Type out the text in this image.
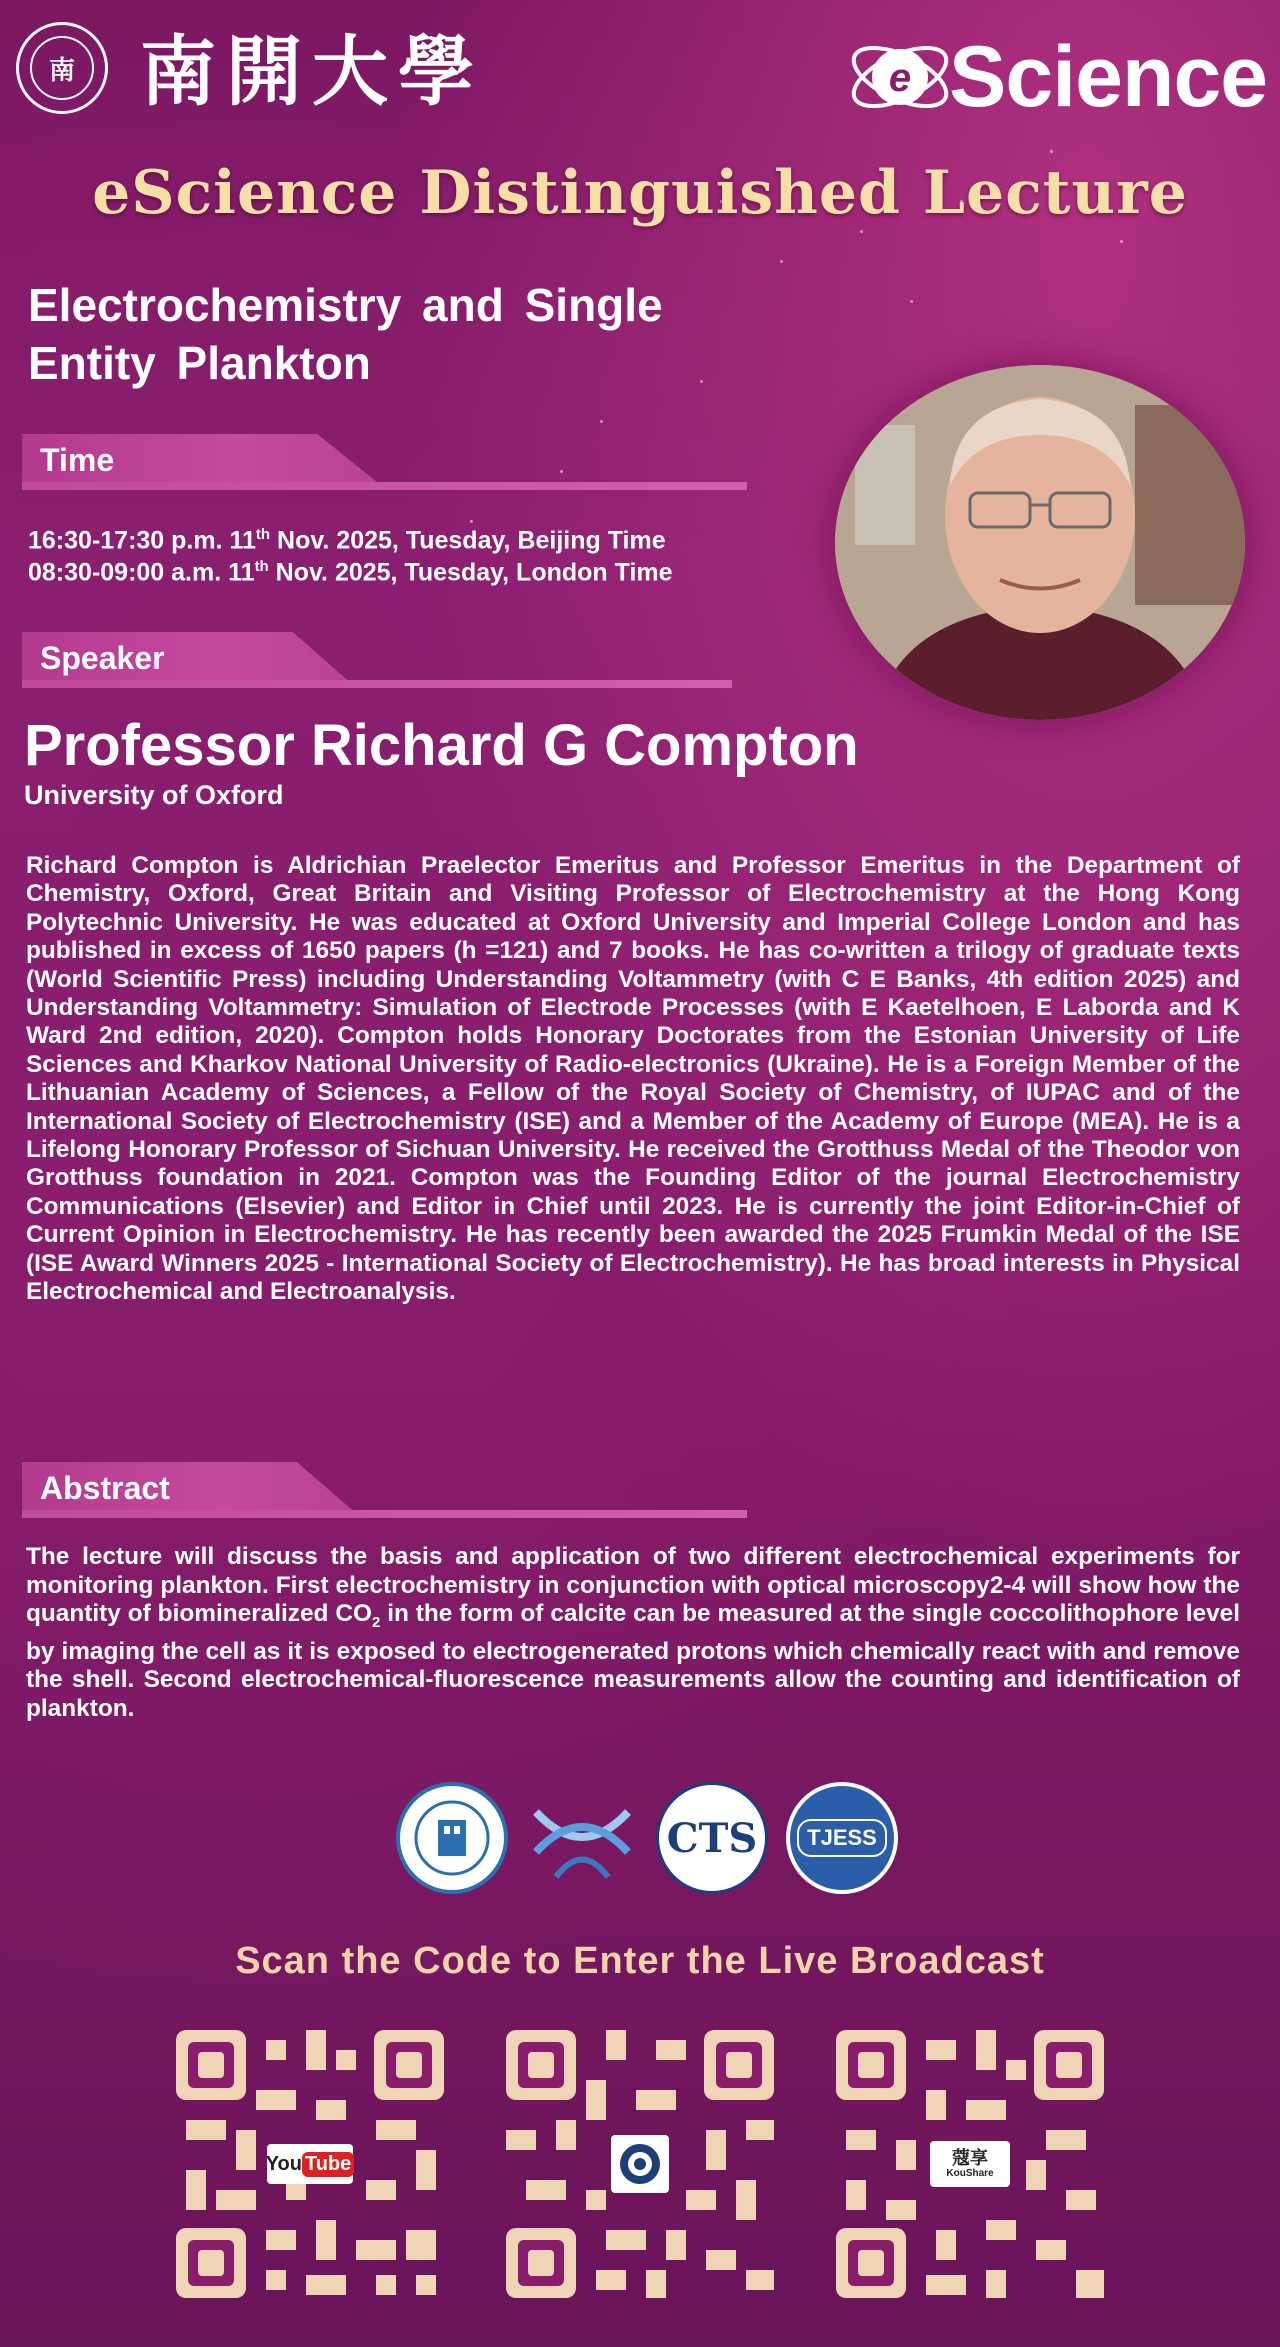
南 南開大學	e Science
eScience Distinguished Lecture
Electrochemistry and Single Entity Plankton
Time
16:30-17:30 p.m. 11th Nov. 2025, Tuesday, Beijing Time
08:30-09:00 a.m. 11th Nov. 2025, Tuesday, London Time
Speaker
Professor Richard G Compton
University of Oxford
Richard Compton is Aldrichian Praelector Emeritus and Professor Emeritus in the Department of Chemistry, Oxford, Great Britain and Visiting Professor of Electrochemistry at the Hong Kong Polytechnic University. He was educated at Oxford University and Imperial College London and has published in excess of 1650 papers (h =121) and 7 books. He has co-written a trilogy of graduate texts (World Scientific Press) including Understanding Voltammetry (with C E Banks, 4th edition 2025) and Understanding Voltammetry: Simulation of Electrode Processes (with E Kaetelhoen, E Laborda and K Ward 2nd edition, 2020). Compton holds Honorary Doctorates from the Estonian University of Life Sciences and Kharkov National University of Radio-electronics (Ukraine). He is a Foreign Member of the Lithuanian Academy of Sciences, a Fellow of the Royal Society of Chemistry, of IUPAC and of the International Society of Electrochemistry (ISE) and a Member of the Academy of Europe (MEA). He is a Lifelong Honorary Professor of Sichuan University. He received the Grotthuss Medal of the Theodor von Grotthuss foundation in 2021. Compton was the Founding Editor of the journal Electrochemistry Communications (Elsevier) and Editor in Chief until 2023. He is currently the joint Editor-in-Chief of Current Opinion in Electrochemistry. He has recently been awarded the 2025 Frumkin Medal of the ISE (ISE Award Winners 2025 - International Society of Electrochemistry). He has broad interests in Physical Electrochemical and Electroanalysis.
Abstract
The lecture will discuss the basis and application of two different electrochemical experiments for monitoring plankton. First electrochemistry in conjunction with optical microscopy2-4 will show how the quantity of biomineralized $CO_2$ in the form of calcite can be measured at the single coccolithophore level by imaging the cell as it is exposed to electrogenerated protons which chemically react with and remove the shell. Second electrochemical-fluorescence measurements allow the counting and identification of plankton.
CTS	TJESS
Scan the Code to Enter the Live Broadcast
You Tube	蔻享
KouShare
